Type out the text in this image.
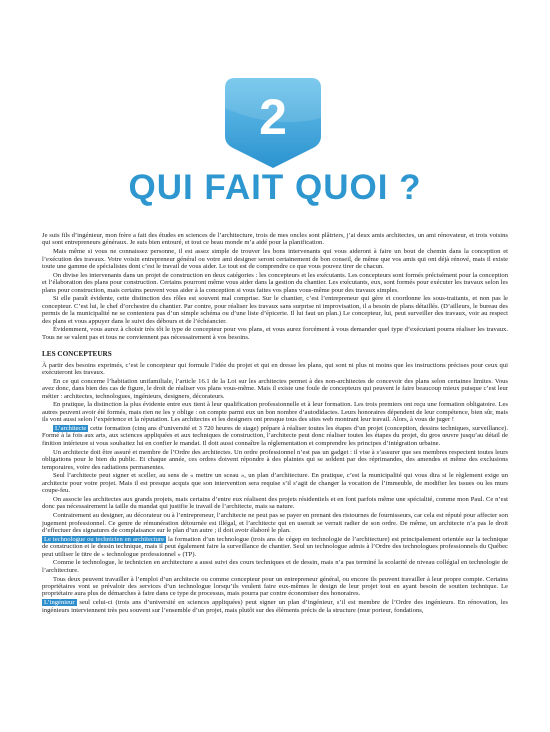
2
QUI FAIT QUOI ?

Je suis fils d’ingénieur, mon frère a fait des études en sciences de l’architecture, trois de mes oncles sont plâtriers, j’ai deux amis architectes, un ami rénovateur, et trois voisins qui sont entrepreneurs généraux. Je suis bien entouré, et tout ce beau monde m’a aidé pour la planification.

Mais même si vous ne connaissez personne, il est assez simple de trouver les bons intervenants qui vous aideront à faire un bout de chemin dans la conception et l’exécution des travaux. Votre voisin entrepreneur général ou votre ami designer seront certainement de bon conseil, de même que vos amis qui ont déjà rénové, mais il existe toute une gamme de spécialistes dont c’est le travail de vous aider. Le tout est de comprendre ce que vous pouvez tirer de chacun.

On divise les intervenants dans un projet de construction en deux catégories : les concepteurs et les exécutants. Les concepteurs sont formés précisément pour la conception et l’élaboration des plans pour construction. Certains pourront même vous aider dans la gestion du chantier. Les exécutants, eux, sont formés pour exécuter les travaux selon les plans pour construction, mais certains peuvent vous aider à la conception si vous faites vos plans vous-même pour des travaux simples.

Si elle paraît évidente, cette distinction des rôles est souvent mal comprise. Sur le chantier, c’est l’entrepreneur qui gère et coordonne les sous-traitants, et non pas le concepteur. C’est lui, le chef d’orchestre du chantier. Par contre, pour réaliser les travaux sans surprise ni improvisation, il a besoin de plans détaillés. (D’ailleurs, le bureau des permis de la municipalité ne se contentera pas d’un simple schéma ou d’une liste d’épicerie. Il lui faut un plan.) Le concepteur, lui, peut surveiller des travaux, voir au respect des plans et vous appuyer dans le suivi des débours et de l’échéancier.

Évidemment, vous aurez à choisir très tôt le type de concepteur pour vos plans, et vous aurez forcément à vous demander quel type d’exécutant pourra réaliser les travaux. Tous ne se valent pas et tous ne conviennent pas nécessairement à vos besoins.

LES CONCEPTEURS

À partir des besoins exprimés, c’est le concepteur qui formule l’idée du projet et qui en dresse les plans, qui sont ni plus ni moins que les instructions précises pour ceux qui exécuteront les travaux.

En ce qui concerne l’habitation unifamiliale, l’article 16.1 de la Loi sur les architectes permet à des non-architectes de concevoir des plans selon certaines limites. Vous avez donc, dans bien des cas de figure, le droit de réaliser vos plans vous-même. Mais il existe une foule de concepteurs qui peuvent le faire beaucoup mieux puisque c’est leur métier : architectes, technologues, ingénieurs, designers, décorateurs.

En pratique, la distinction la plus évidente entre eux tient à leur qualification professionnelle et à leur formation. Les trois premiers ont reçu une formation obligatoire. Les autres peuvent avoir été formés, mais rien ne les y oblige : on compte parmi eux un bon nombre d’autodidactes. Leurs honoraires dépendent de leur compétence, bien sûr, mais ils vont aussi selon l’expérience et la réputation. Les architectes et les designers ont presque tous des sites web montrant leur travail. Alors, à vous de juger !

L’architecte cette formation (cinq ans d’université et 3 720 heures de stage) prépare à réaliser toutes les étapes d’un projet (conception, dessins techniques, surveillance). Formé à la fois aux arts, aux sciences appliquées et aux techniques de construction, l’architecte peut donc réaliser toutes les étapes du projet, du gros œuvre jusqu’au détail de finition intérieure si vous souhaitez lui en confier le mandat. Il doit aussi connaître la réglementation et comprendre les principes d’intégration urbaine.

Un architecte doit être assuré et membre de l’Ordre des architectes. Un ordre professionnel n’est pas un gadget : il vise à s’assurer que ses membres respectent toutes leurs obligations pour le bien du public. Et chaque année, ces ordres doivent répondre à des plaintes qui se soldent par des réprimandes, des amendes et même des exclusions temporaires, voire des radiations permanentes.

Seul l’architecte peut signer et sceller, au sens de « mettre un sceau », un plan d’architecture. En pratique, c’est la municipalité qui vous dira si le règlement exige un architecte pour votre projet. Mais il est presque acquis que son intervention sera requise s’il s’agit de changer la vocation de l’immeuble, de modifier les issues ou les murs coupe-feu.

On associe les architectes aux grands projets, mais certains d’entre eux réalisent des projets résidentiels et en font parfois même une spécialité, comme mon Paul. Ce n’est donc pas nécessairement la taille du mandat qui justifie le travail de l’architecte, mais sa nature.

Contrairement au designer, au décorateur ou à l’entrepreneur, l’architecte ne peut pas se payer en prenant des ristournes de fournisseurs, car cela est réputé pour affecter son jugement professionnel. Ce genre de rémunération détournée est illégal, et l’architecte qui en userait se verrait radier de son ordre. De même, un architecte n’a pas le droit d’effectuer des signatures de complaisance sur le plan d’un autre ; il doit avoir élaboré le plan.

Le technologue ou technicien en architecture la formation d’un technologue (trois ans de cégep en technologie de l’architecture) est principalement orientée sur la technique de construction et le dessin technique, mais il peut également faire la surveillance de chantier. Seul un technologue admis à l’Ordre des technologues professionnels du Québec peut utiliser le titre de « technologue professionnel » (TP).

Comme le technologue, le technicien en architecture a aussi suivi des cours techniques et de dessin, mais n’a pas terminé la scolarité de niveau collégial en technologie de l’architecture.

Tous deux peuvent travailler à l’emploi d’un architecte ou comme concepteur pour un entrepreneur général, ou encore ils peuvent travailler à leur propre compte. Certains propriétaires vont se prévaloir des services d’un technologue lorsqu’ils veulent faire eux-mêmes le design de leur projet tout en ayant besoin de soutien technique. Le propriétaire aura plus de démarches à faire dans ce type de processus, mais pourra par contre économiser des honoraires.

L’ingénieur seul celui-ci (trois ans d’université en sciences appliquées) peut signer un plan d’ingénieur, s’il est membre de l’Ordre des ingénieurs. En rénovation, les ingénieurs interviennent très peu souvent sur l’ensemble d’un projet, mais plutôt sur des éléments précis de la structure (mur porteur, fondations,
